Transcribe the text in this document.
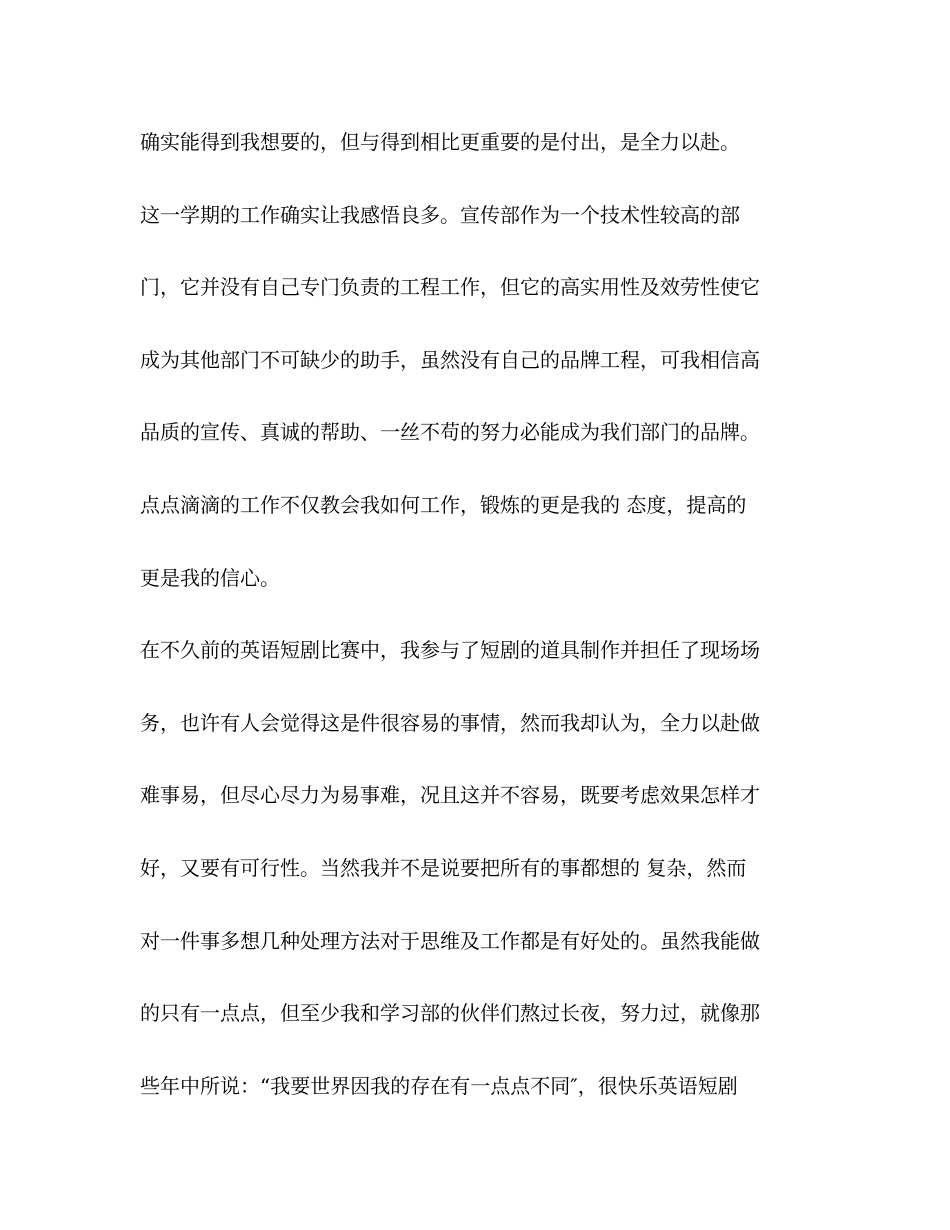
确实能得到我想要的，但与得到相比更重要的是付出，是全力以赴。
这一学期的工作确实让我感悟良多。宣传部作为一个技术性较高的部
门，它并没有自己专门负责的工程工作，但它的高实用性及效劳性使它
成为其他部门不可缺少的助手，虽然没有自己的品牌工程，可我相信高
品质的宣传、真诚的帮助、一丝不苟的努力必能成为我们部门的品牌。
点点滴滴的工作不仅教会我如何工作，锻炼的更是我的 态度，提高的
更是我的信心。
在不久前的英语短剧比赛中，我参与了短剧的道具制作并担任了现场场
务，也许有人会觉得这是件很容易的事情，然而我却认为，全力以赴做
难事易，但尽心尽力为易事难，况且这并不容易，既要考虑效果怎样才
好，又要有可行性。当然我并不是说要把所有的事都想的 复杂，然而
对一件事多想几种处理方法对于思维及工作都是有好处的。虽然我能做
的只有一点点，但至少我和学习部的伙伴们熬过长夜，努力过，就像那
些年中所说：“我要世界因我的存在有一点点不同″，很快乐英语短剧
